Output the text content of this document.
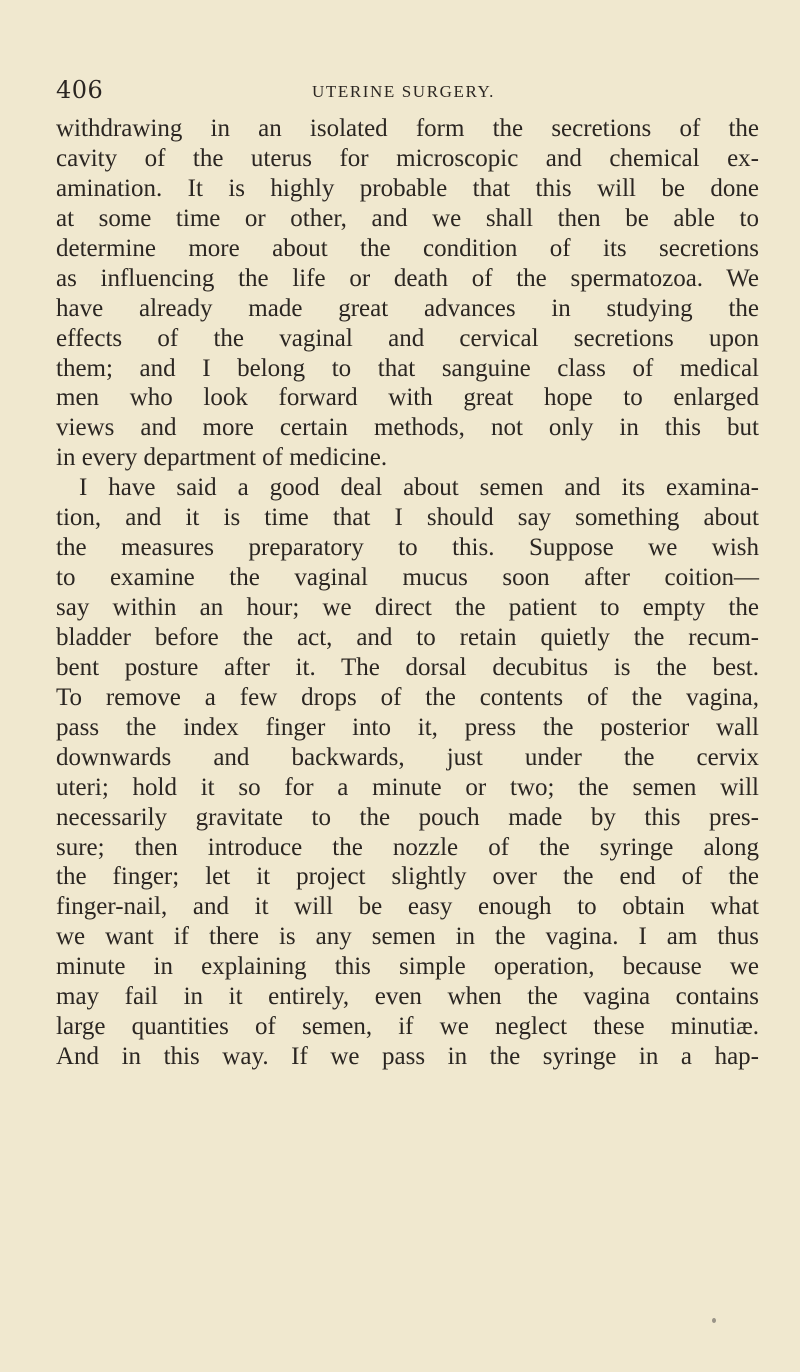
406	UTERINE SURGERY.
withdrawing in an isolated form the secretions of the
cavity of the uterus for microscopic and chemical ex-
amination. It is highly probable that this will be done
at some time or other, and we shall then be able to
determine more about the condition of its secretions
as influencing the life or death of the spermatozoa. We
have already made great advances in studying the
effects of the vaginal and cervical secretions upon
them; and I belong to that sanguine class of medical
men who look forward with great hope to enlarged
views and more certain methods, not only in this but
in every department of medicine.
I have said a good deal about semen and its examina-
tion, and it is time that I should say something about
the measures preparatory to this. Suppose we wish
to examine the vaginal mucus soon after coition—
say within an hour; we direct the patient to empty the
bladder before the act, and to retain quietly the recum-
bent posture after it. The dorsal decubitus is the best.
To remove a few drops of the contents of the vagina,
pass the index finger into it, press the posterior wall
downwards and backwards, just under the cervix
uteri; hold it so for a minute or two; the semen will
necessarily gravitate to the pouch made by this pres-
sure; then introduce the nozzle of the syringe along
the finger; let it project slightly over the end of the
finger-nail, and it will be easy enough to obtain what
we want if there is any semen in the vagina. I am thus
minute in explaining this simple operation, because we
may fail in it entirely, even when the vagina contains
large quantities of semen, if we neglect these minutiæ.
And in this way. If we pass in the syringe in a hap-
